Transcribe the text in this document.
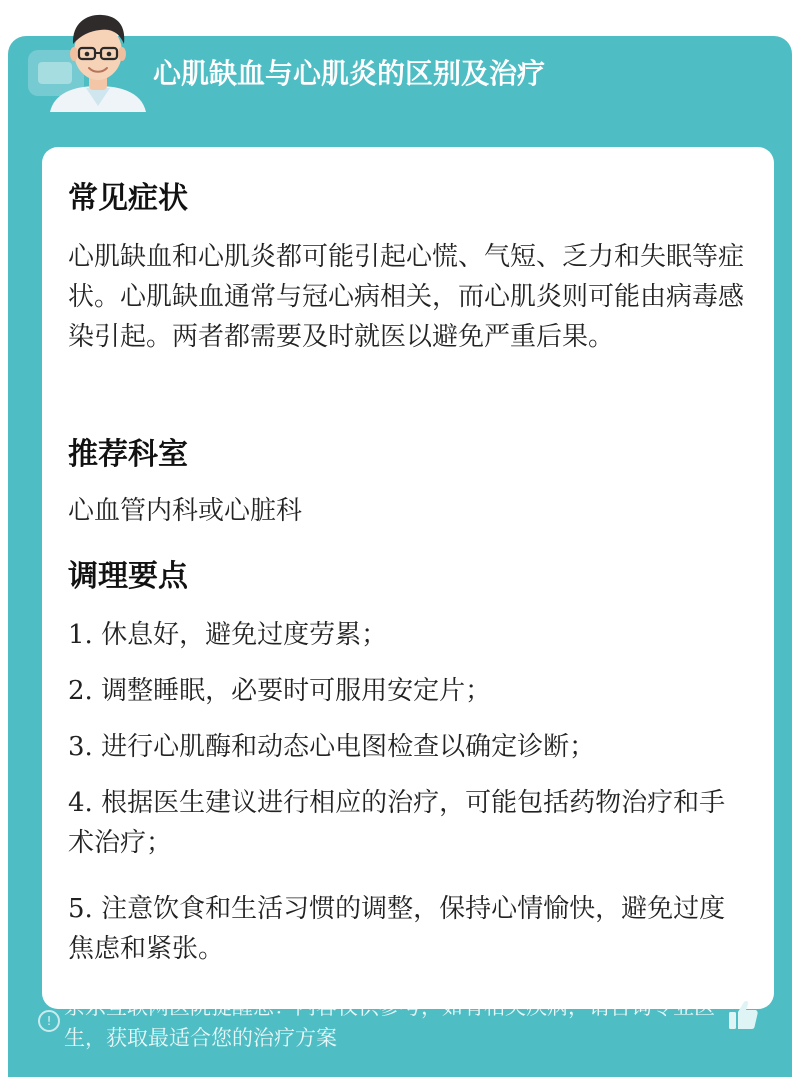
心肌缺血与心肌炎的区别及治疗
常见症状
心肌缺血和心肌炎都可能引起心慌、气短、乏力和失眠等症状。心肌缺血通常与冠心病相关，而心肌炎则可能由病毒感染引起。两者都需要及时就医以避免严重后果。
推荐科室
心血管内科或心脏科
调理要点
1. 休息好，避免过度劳累；
2. 调整睡眠，必要时可服用安定片；
3. 进行心肌酶和动态心电图检查以确定诊断；
4. 根据医生建议进行相应的治疗，可能包括药物治疗和手术治疗；
5. 注意饮食和生活习惯的调整，保持心情愉快，避免过度焦虑和紧张。
!
京东互联网医院提醒您：内容仅供参考，如有相关疾病，请咨询专业医生，获取最适合您的治疗方案
